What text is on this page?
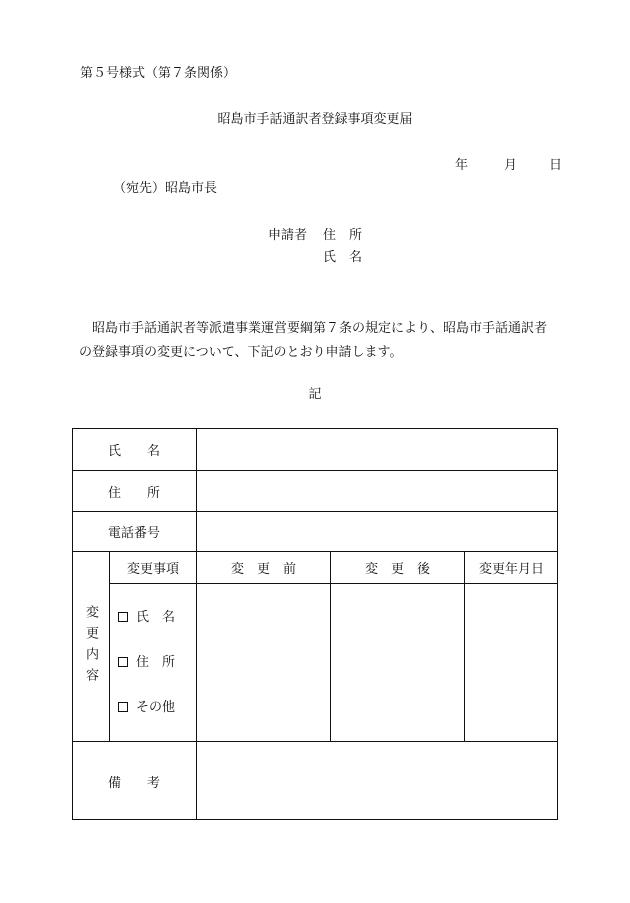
第５号様式（第７条関係）
昭島市手話通訳者登録事項変更届
年	月 日
（宛先）昭島市長
申請者 住　所
氏　名
昭島市手話通訳者等派遣事業運営要綱第７条の規定により、昭島市手話通訳者の登録事項の変更について、下記のとおり申請します。
記
氏　　名
住　　所
電話番号
変更内容
変更事項	変　更　前	変　更　後	変更年月日
氏　名
住　所
その他
備　　考
